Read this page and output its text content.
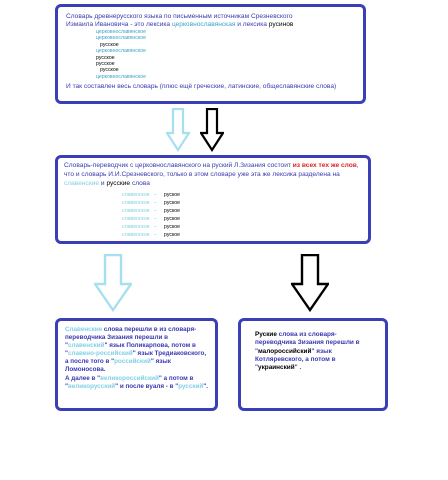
Словарь древнерусского языка по письменным источникам Срезневского
Измаила Ивановича - это лексика церковнославянская и лексика русинов
церковнославянское
церковнославянское
русское
церковнославянское
русское
русское
русское
церковнославянское
И так составлен весь словарь (плюс ещё греческие, латинские, общеславянские слова)
Словарь-переводчик с церковнославянского на руский Л.Зизания состоит из всех тех же слов, что и словарь И.И.Срезневского, только в этом словаре уже эта же лексика разделена на славенские и русские слова
славенское – руское
славенское – руское
славенское – руское
славенское – руское
славенское – руское
славенское – руское
Славенские слова перешли в из словаря-переводчика Зизания перешли в "славенский" язык Поликарпова, потом в "славено-российский" язык Тредиаковского, а после того в "российский" язык Ломоносова.
А далее в "великороссийский" а потом в "великорусский" и после вуаля - в "русский".
Руские слова из словаря-переводчика Зизания перешли в "малороссийский" язык Котляревского, а потом в "украинский" .
